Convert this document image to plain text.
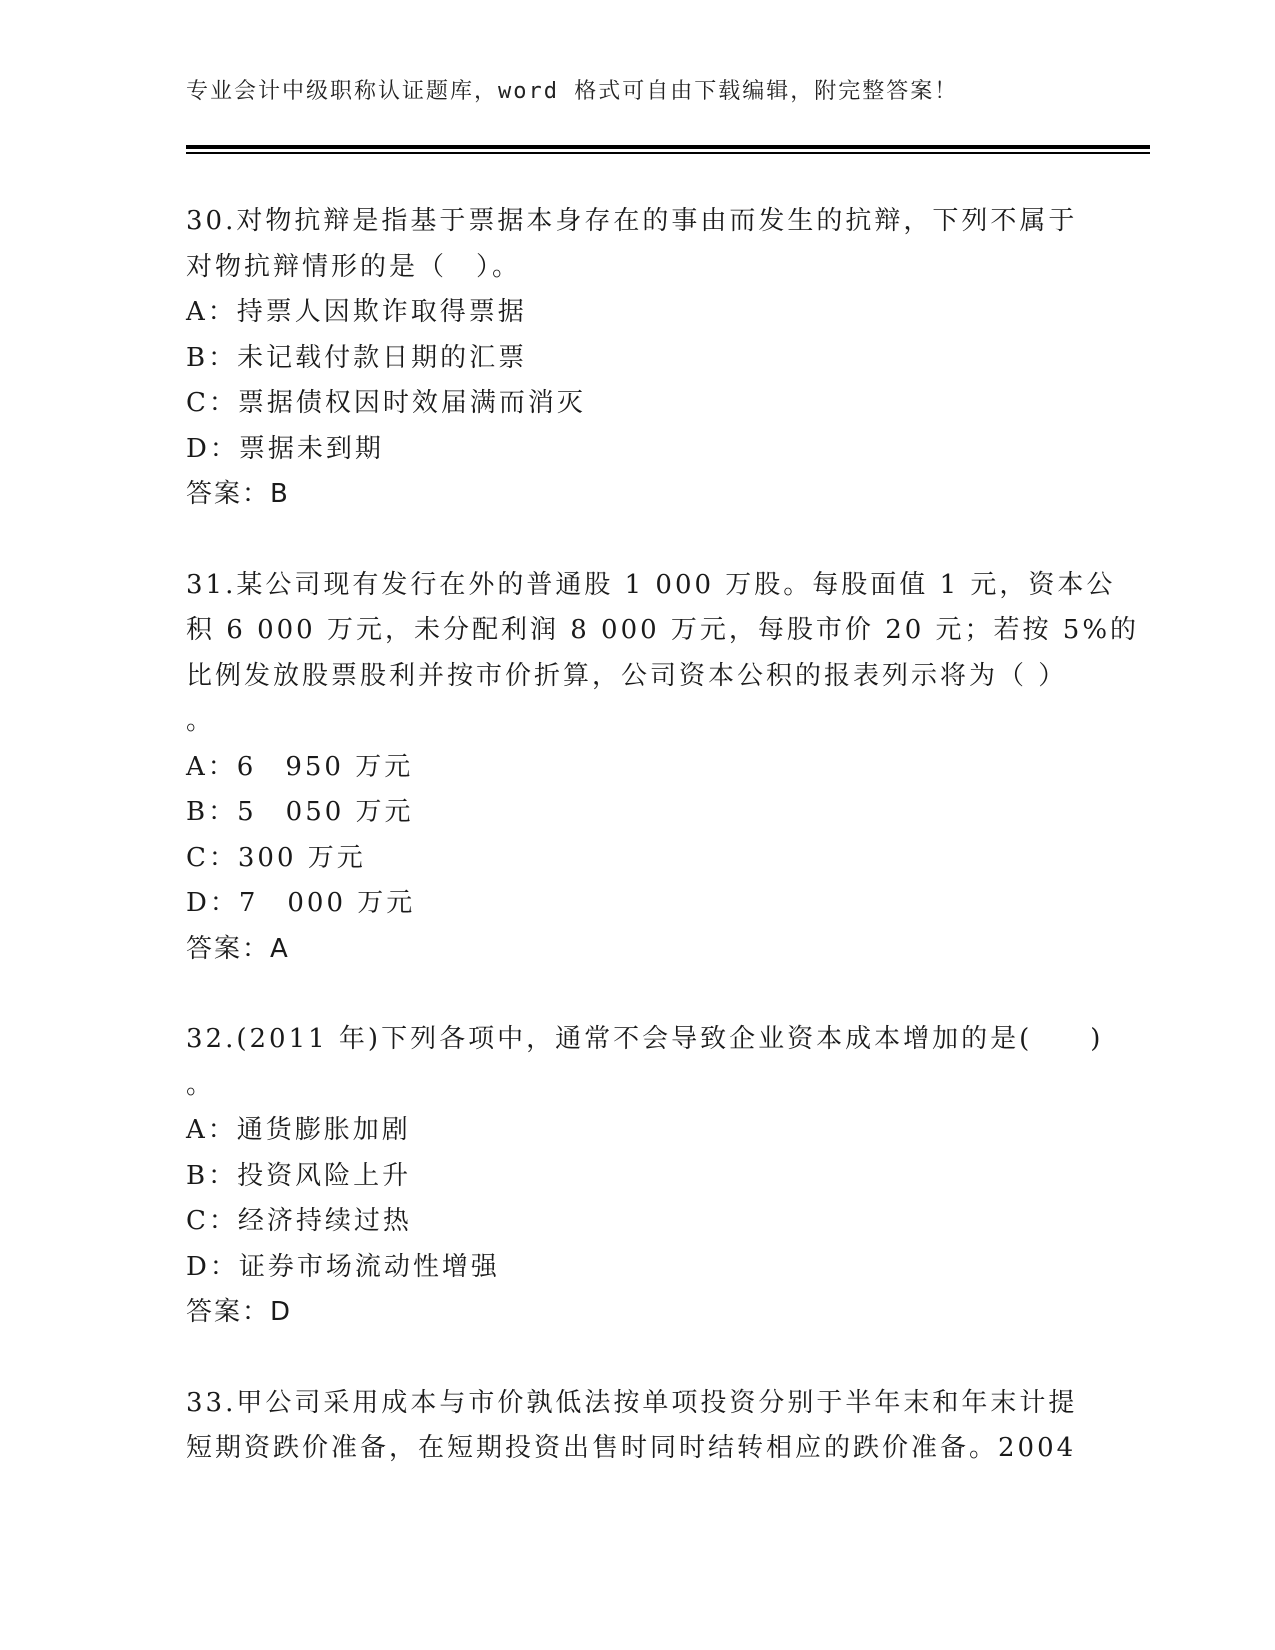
专业会计中级职称认证题库，word 格式可自由下载编辑，附完整答案！
30.对物抗辩是指基于票据本身存在的事由而发生的抗辩，下列不属于
对物抗辩情形的是（　）。
A：持票人因欺诈取得票据
B：未记载付款日期的汇票
C：票据债权因时效届满而消灭
D：票据未到期
答案：B
31.某公司现有发行在外的普通股 1 000 万股。每股面值 1 元，资本公
积 6 000 万元，未分配利润 8 000 万元，每股市价 20 元；若按 5%的
比例发放股票股利并按市价折算，公司资本公积的报表列示将为（ ）
。
A：6　950 万元
B：5　050 万元
C：300 万元
D：7　000 万元
答案：A
32.(2011 年)下列各项中，通常不会导致企业资本成本增加的是(　　)
。
A：通货膨胀加剧
B：投资风险上升
C：经济持续过热
D：证券市场流动性增强
答案：D
33.甲公司采用成本与市价孰低法按单项投资分别于半年末和年末计提
短期资跌价准备，在短期投资出售时同时结转相应的跌价准备。2004
